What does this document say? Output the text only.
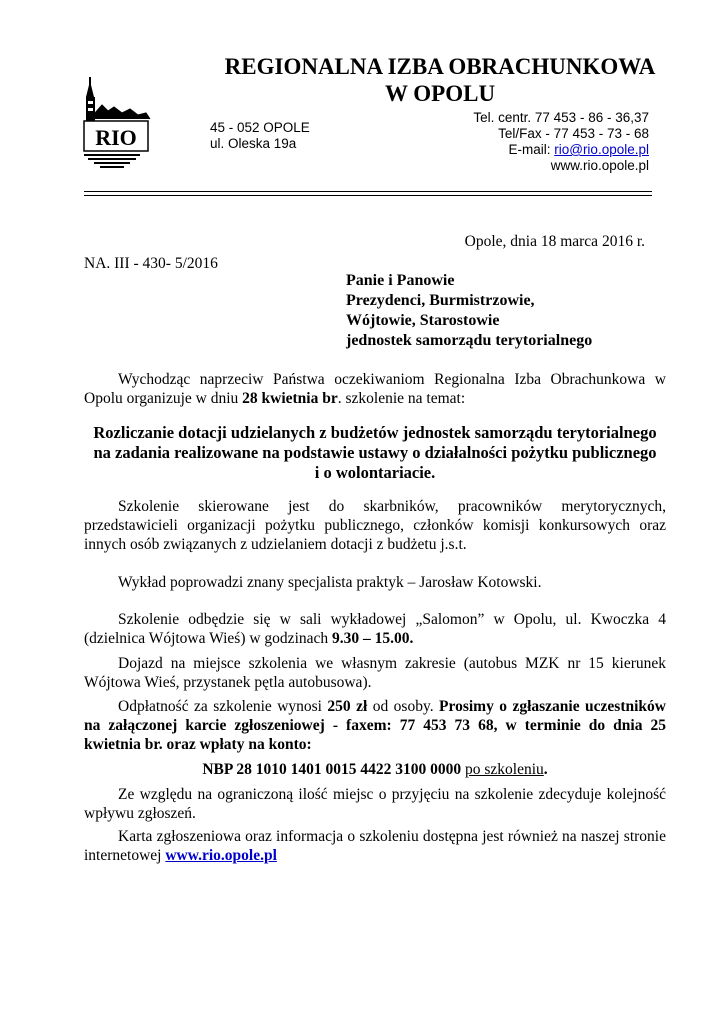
REGIONALNA IZBA OBRACHUNKOWA
W OPOLU
RIO	45 - 052 OPOLE
ul. Oleska 19a
Tel. centr. 77 453 - 86 - 36,37
Tel/Fax - 77 453 - 73 - 68
E-mail: rio@rio.opole.pl
www.rio.opole.pl
Opole, dnia 18 marca 2016 r.
NA. III - 430- 5/2016
Panie i Panowie
Prezydenci, Burmistrzowie,
Wójtowie, Starostowie
jednostek samorządu terytorialnego
Wychodząc naprzeciw Państwa oczekiwaniom Regionalna Izba Obrachunkowa w Opolu organizuje w dniu 28 kwietnia br. szkolenie na temat:
Rozliczanie dotacji udzielanych z budżetów jednostek samorządu terytorialnego
na zadania realizowane na podstawie ustawy o działalności pożytku publicznego
i o wolontariacie.
Szkolenie skierowane jest do skarbników, pracowników merytorycznych, przedstawicieli organizacji pożytku publicznego, członków komisji konkursowych oraz innych osób związanych z udzielaniem dotacji z budżetu j.s.t.
Wykład poprowadzi znany specjalista praktyk – Jarosław Kotowski.
Szkolenie odbędzie się w sali wykładowej „Salomon” w Opolu, ul. Kwoczka 4 (dzielnica Wójtowa Wieś) w godzinach 9.30 – 15.00.
Dojazd na miejsce szkolenia we własnym zakresie (autobus MZK nr 15 kierunek Wójtowa Wieś, przystanek pętla autobusowa).
Odpłatność za szkolenie wynosi 250 zł od osoby. Prosimy o zgłaszanie uczestników na załączonej karcie zgłoszeniowej - faxem: 77 453 73 68, w terminie do dnia 25 kwietnia br. oraz wpłaty na konto:
NBP 28 1010 1401 0015 4422 3100 0000 po szkoleniu.
Ze względu na ograniczoną ilość miejsc o przyjęciu na szkolenie zdecyduje kolejność wpływu zgłoszeń.
Karta zgłoszeniowa oraz informacja o szkoleniu dostępna jest również na naszej stronie internetowej www.rio.opole.pl
